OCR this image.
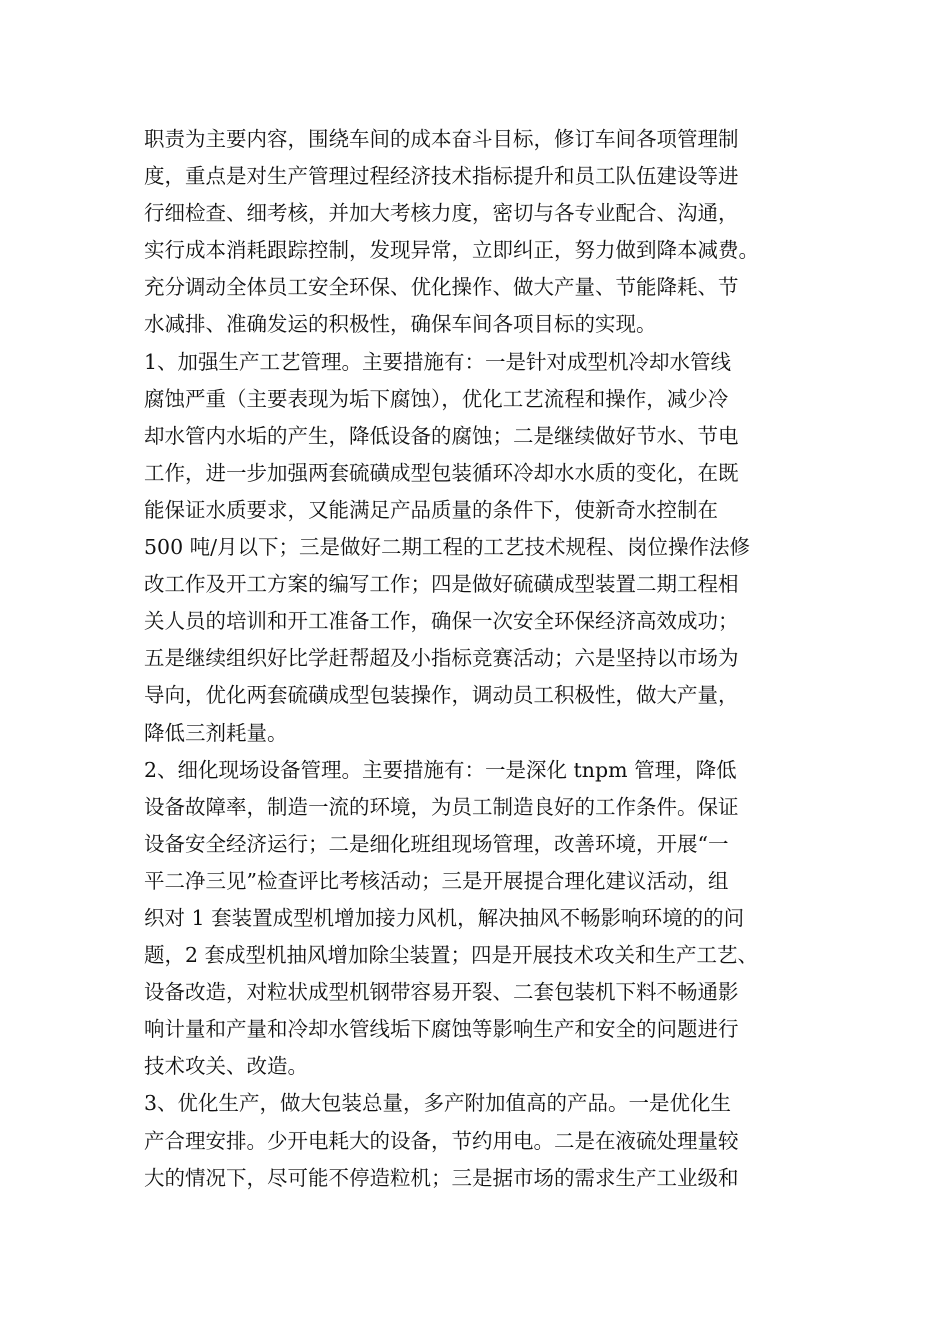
职责为主要内容，围绕车间的成本奋斗目标，修订车间各项管理制
度，重点是对生产管理过程经济技术指标提升和员工队伍建设等进
行细检查、细考核，并加大考核力度，密切与各专业配合、沟通，
实行成本消耗跟踪控制，发现异常，立即纠正，努力做到降本减费。
充分调动全体员工安全环保、优化操作、做大产量、节能降耗、节
水减排、准确发运的积极性，确保车间各项目标的实现。
1、加强生产工艺管理。主要措施有：一是针对成型机冷却水管线
腐蚀严重（主要表现为垢下腐蚀），优化工艺流程和操作，减少冷
却水管内水垢的产生，降低设备的腐蚀；二是继续做好节水、节电
工作，进一步加强两套硫磺成型包装循环冷却水水质的变化，在既
能保证水质要求，又能满足产品质量的条件下，使新奇水控制在
500 吨/月以下；三是做好二期工程的工艺技术规程、岗位操作法修
改工作及开工方案的编写工作；四是做好硫磺成型装置二期工程相
关人员的培训和开工准备工作，确保一次安全环保经济高效成功；
五是继续组织好比学赶帮超及小指标竞赛活动；六是坚持以市场为
导向，优化两套硫磺成型包装操作，调动员工积极性，做大产量，
降低三剂耗量。
2、细化现场设备管理。主要措施有：一是深化 tnpm 管理，降低
设备故障率，制造一流的环境，为员工制造良好的工作条件。保证
设备安全经济运行；二是细化班组现场管理，改善环境，开展“一
平二净三见”检查评比考核活动；三是开展提合理化建议活动，组
织对 1 套装置成型机增加接力风机，解决抽风不畅影响环境的的问
题，2 套成型机抽风增加除尘装置；四是开展技术攻关和生产工艺、
设备改造，对粒状成型机钢带容易开裂、二套包装机下料不畅通影
响计量和产量和冷却水管线垢下腐蚀等影响生产和安全的问题进行
技术攻关、改造。
3、优化生产，做大包装总量，多产附加值高的产品。一是优化生
产合理安排。少开电耗大的设备，节约用电。二是在液硫处理量较
大的情况下，尽可能不停造粒机；三是据市场的需求生产工业级和
